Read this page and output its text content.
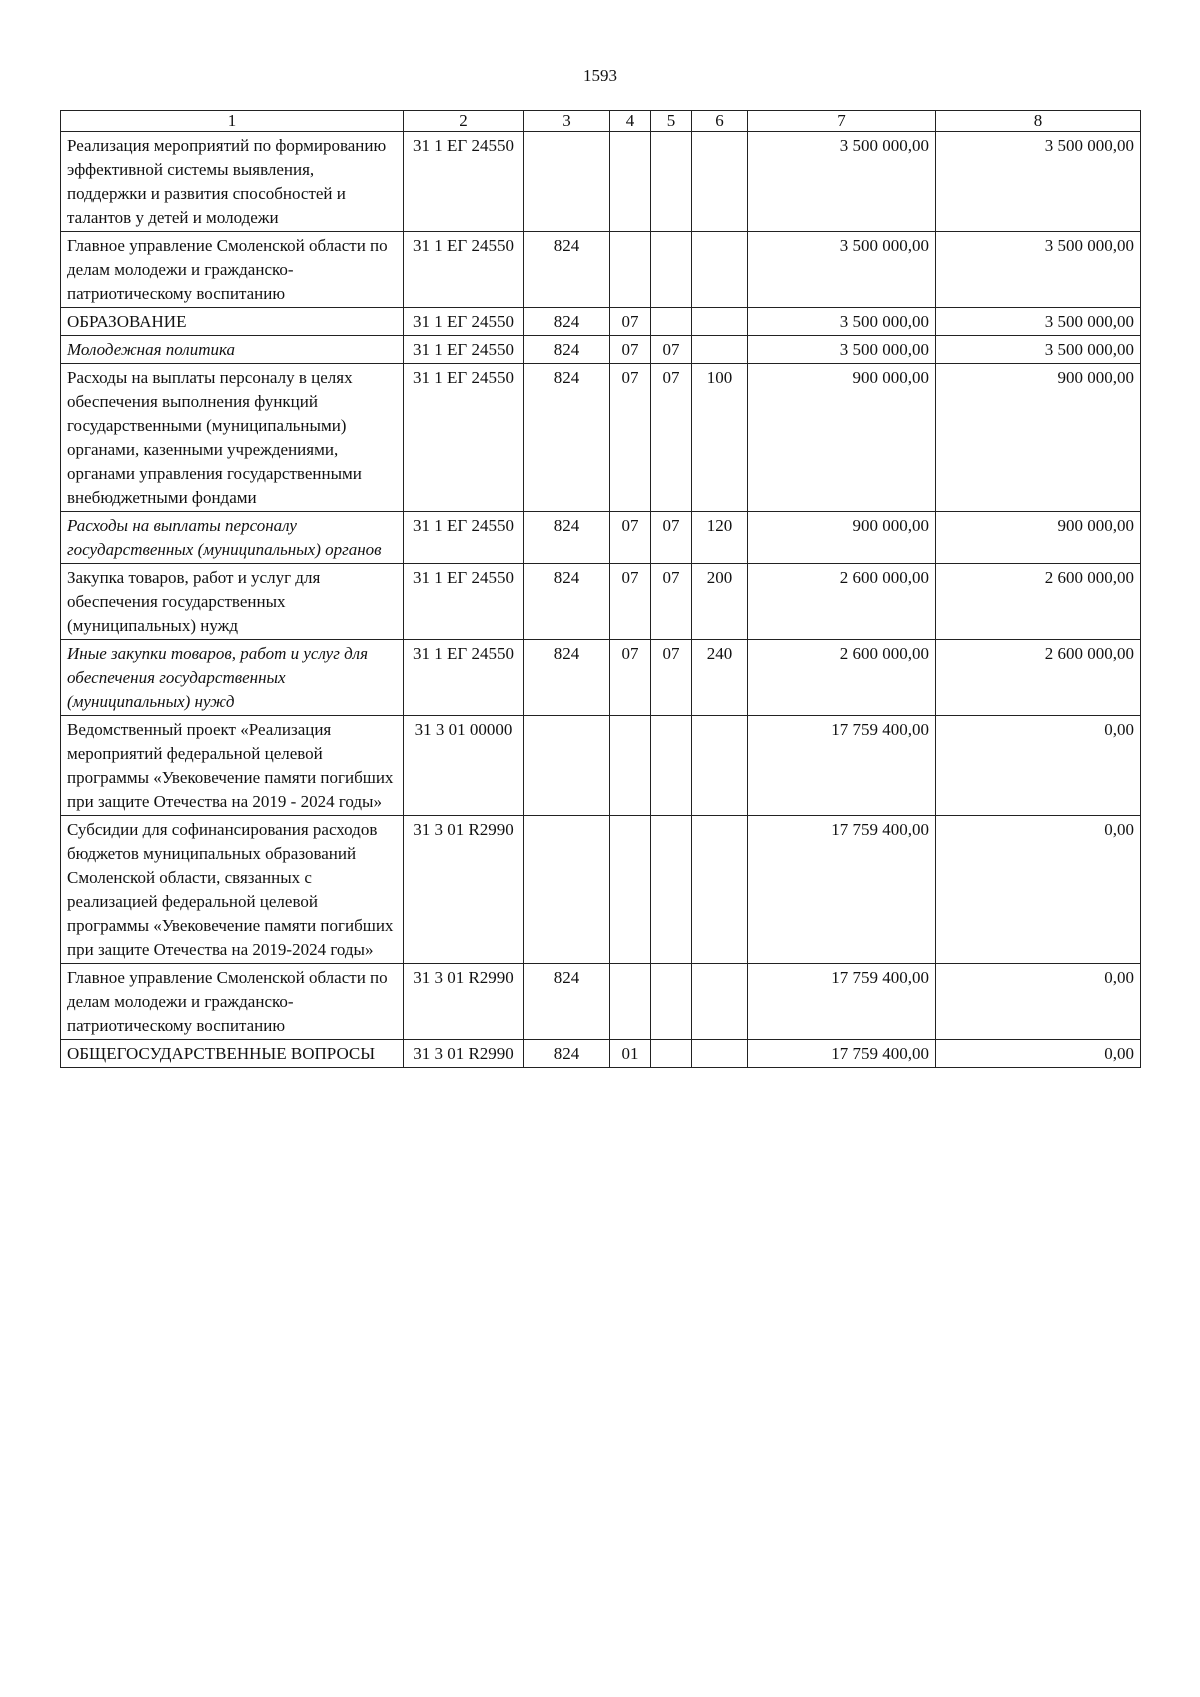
1593
1	2	3	4	5	6	7	8
Реализация мероприятий по формированию эффективной системы выявления, поддержки и развития способностей и талантов у детей и молодежи	31 1 ЕГ 24550					3 500 000,00	3 500 000,00
Главное управление Смоленской области по делам молодежи и гражданско-патриотическому воспитанию	31 1 ЕГ 24550	824				3 500 000,00	3 500 000,00
ОБРАЗОВАНИЕ	31 1 ЕГ 24550	824	07			3 500 000,00	3 500 000,00
Молодежная политика	31 1 ЕГ 24550	824	07	07		3 500 000,00	3 500 000,00
Расходы на выплаты персоналу в целях обеспечения выполнения функций государственными (муниципальными) органами, казенными учреждениями, органами управления государственными внебюджетными фондами	31 1 ЕГ 24550	824	07	07	100	900 000,00	900 000,00
Расходы на выплаты персоналу государственных (муниципальных) органов	31 1 ЕГ 24550	824	07	07	120	900 000,00	900 000,00
Закупка товаров, работ и услуг для обеспечения государственных (муниципальных) нужд	31 1 ЕГ 24550	824	07	07	200	2 600 000,00	2 600 000,00
Иные закупки товаров, работ и услуг для обеспечения государственных (муниципальных) нужд	31 1 ЕГ 24550	824	07	07	240	2 600 000,00	2 600 000,00
Ведомственный проект «Реализация мероприятий федеральной целевой программы «Увековечение памяти погибших при защите Отечества на 2019 - 2024 годы»	31 3 01 00000					17 759 400,00	0,00
Субсидии для софинансирования расходов бюджетов муниципальных образований Смоленской области, связанных с реализацией федеральной целевой программы «Увековечение памяти погибших при защите Отечества на 2019-2024 годы»	31 3 01 R2990					17 759 400,00	0,00
Главное управление Смоленской области по делам молодежи и гражданско-патриотическому воспитанию	31 3 01 R2990	824				17 759 400,00	0,00
ОБЩЕГОСУДАРСТВЕННЫЕ ВОПРОСЫ	31 3 01 R2990	824	01			17 759 400,00	0,00
